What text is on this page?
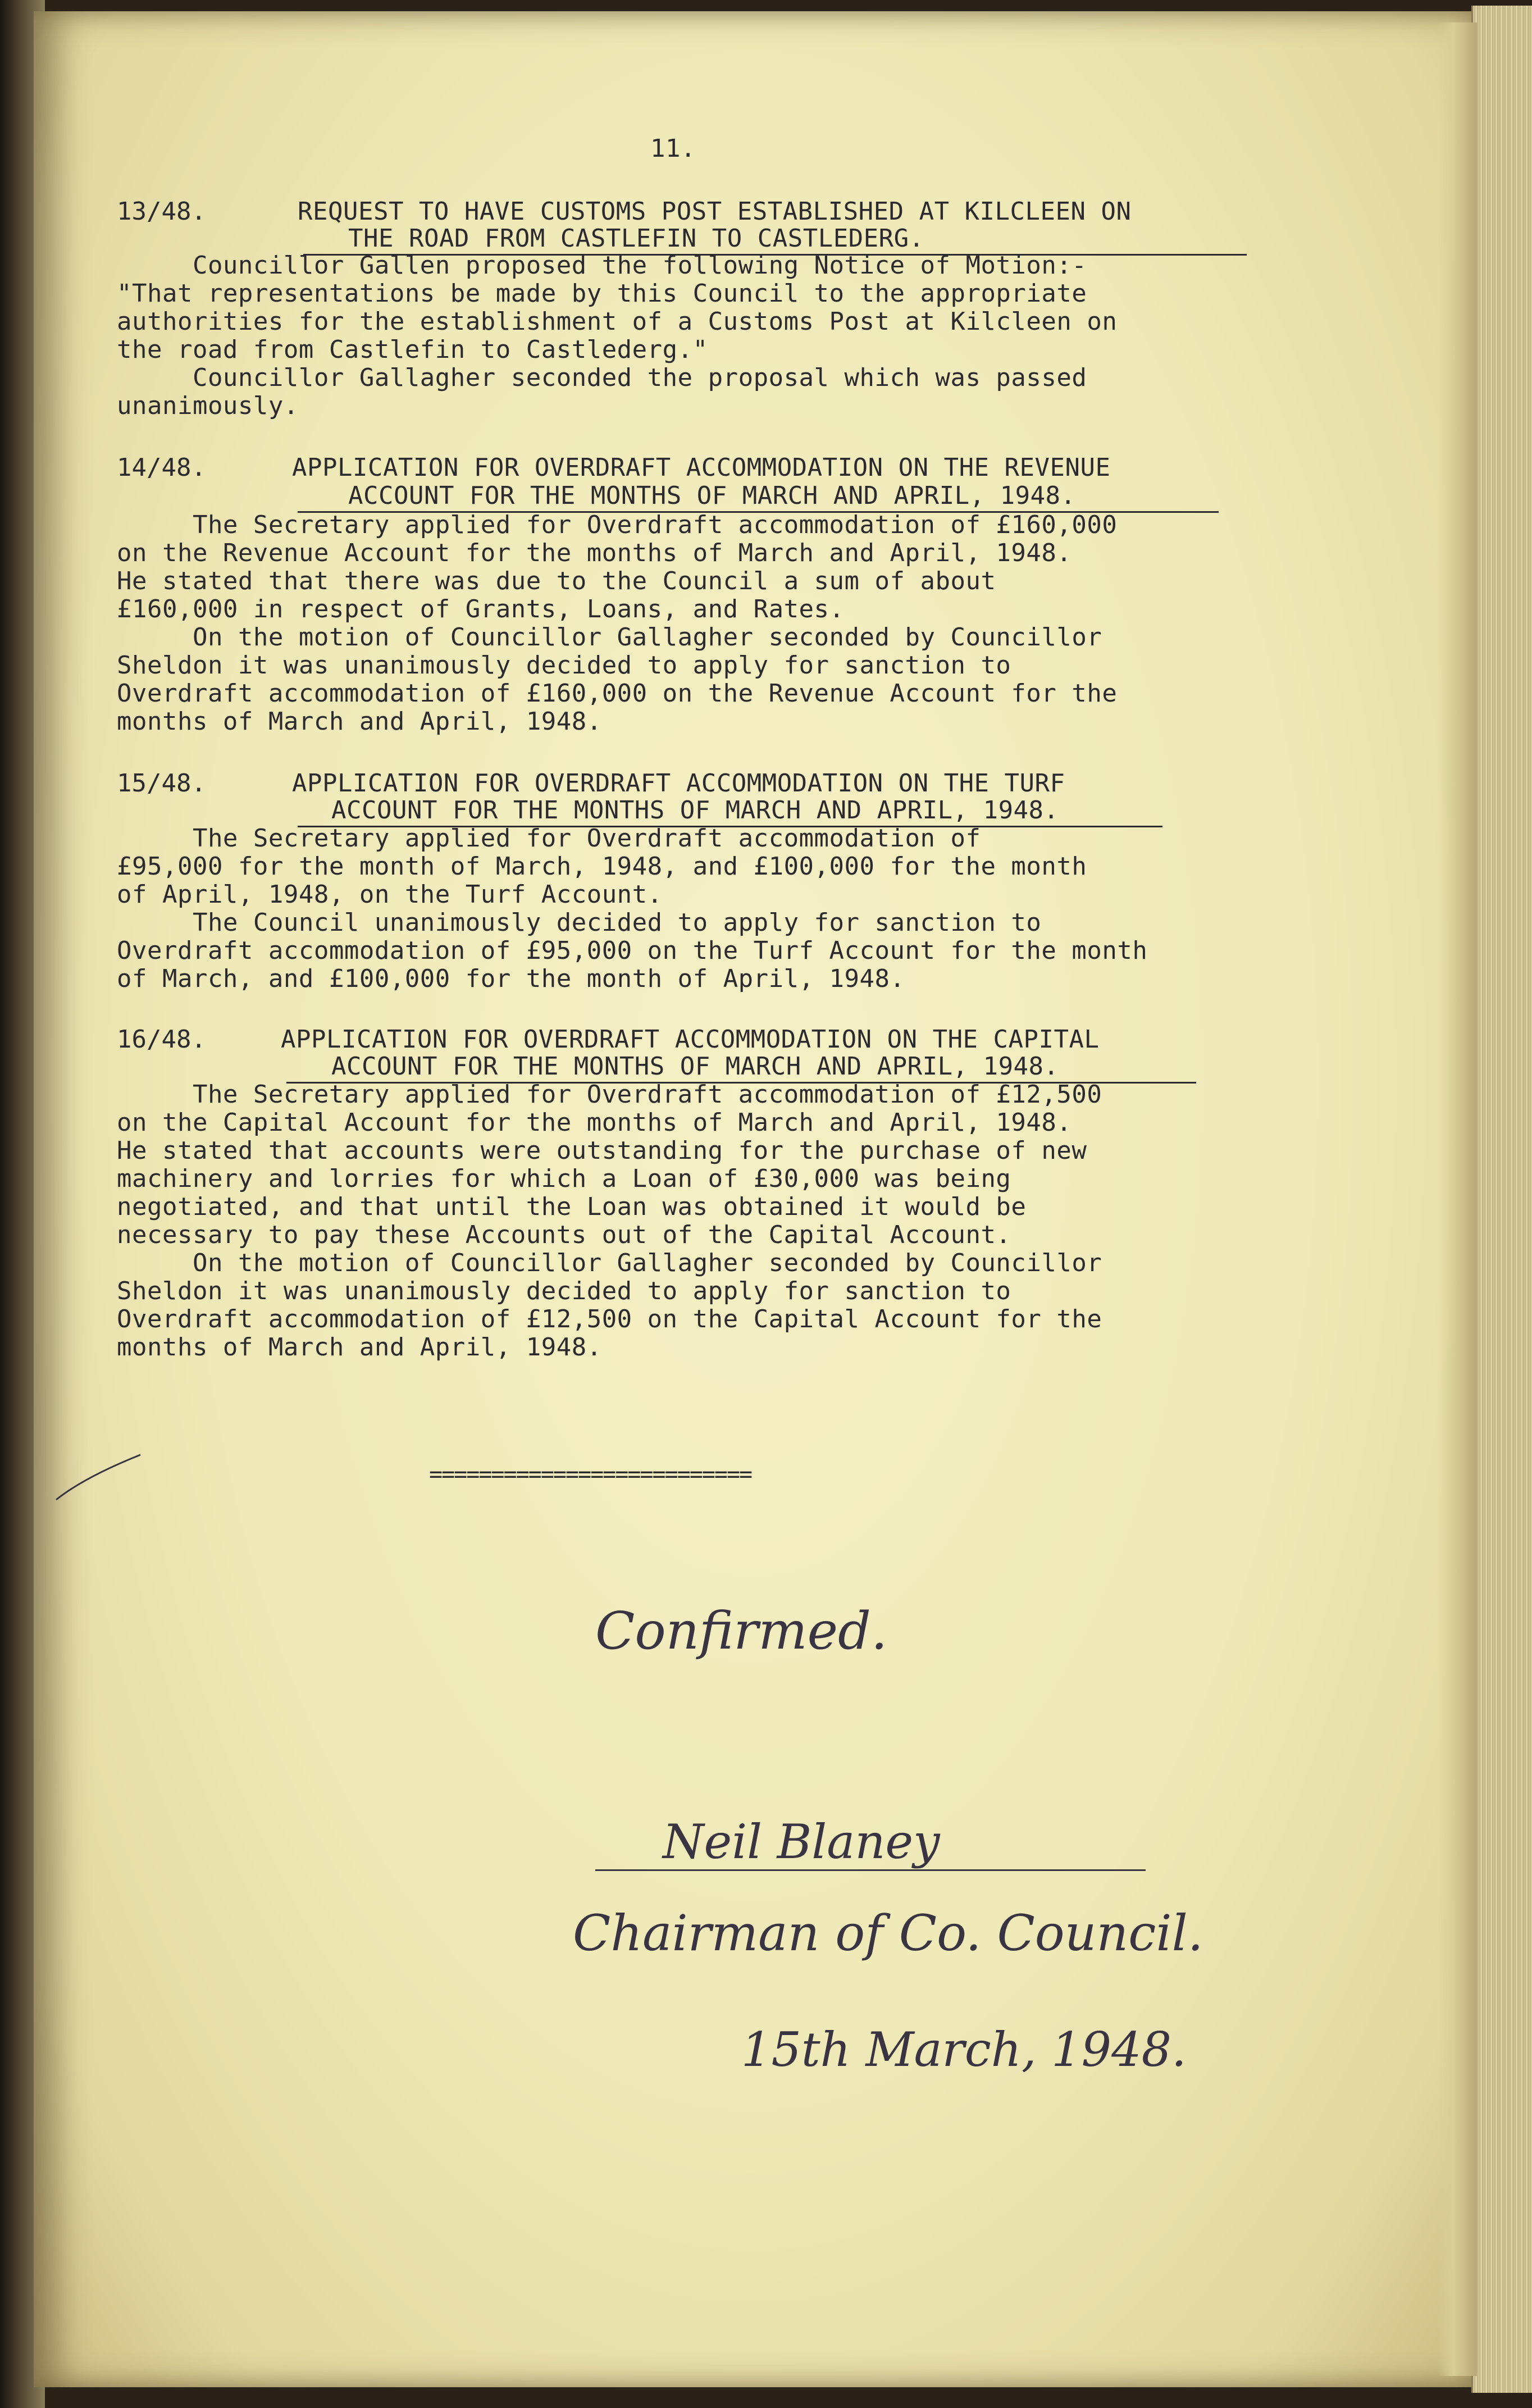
11.
13/48.	REQUEST TO HAVE CUSTOMS POST ESTABLISHED AT KILCLEEN ON
THE ROAD FROM CASTLEFIN TO CASTLEDERG.
Councillor Gallen proposed the following Notice of Motion:-
"That representations be made by this Council to the appropriate
authorities for the establishment of a Customs Post at Kilcleen on
the road from Castlefin to Castlederg."
Councillor Gallagher seconded the proposal which was passed
unanimously.
14/48.	APPLICATION FOR OVERDRAFT ACCOMMODATION ON THE REVENUE
ACCOUNT FOR THE MONTHS OF MARCH AND APRIL, 1948.
The Secretary applied for Overdraft accommodation of £160,000
on the Revenue Account for the months of March and April, 1948.
He stated that there was due to the Council a sum of about
£160,000 in respect of Grants, Loans, and Rates.
On the motion of Councillor Gallagher seconded by Councillor
Sheldon it was unanimously decided to apply for sanction to
Overdraft accommodation of £160,000 on the Revenue Account for the
months of March and April, 1948.
15/48.	APPLICATION FOR OVERDRAFT ACCOMMODATION ON THE TURF
ACCOUNT FOR THE MONTHS OF MARCH AND APRIL, 1948.
The Secretary applied for Overdraft accommodation of
£95,000 for the month of March, 1948, and £100,000 for the month
of April, 1948, on the Turf Account.
The Council unanimously decided to apply for sanction to
Overdraft accommodation of £95,000 on the Turf Account for the month
of March, and £100,000 for the month of April, 1948.
16/48.	APPLICATION FOR OVERDRAFT ACCOMMODATION ON THE CAPITAL
ACCOUNT FOR THE MONTHS OF MARCH AND APRIL, 1948.
The Secretary applied for Overdraft accommodation of £12,500
on the Capital Account for the months of March and April, 1948.
He stated that accounts were outstanding for the purchase of new
machinery and lorries for which a Loan of £30,000 was being
negotiated, and that until the Loan was obtained it would be
necessary to pay these Accounts out of the Capital Account.
On the motion of Councillor Gallagher seconded by Councillor
Sheldon it was unanimously decided to apply for sanction to
Overdraft accommodation of £12,500 on the Capital Account for the
months of March and April, 1948.
==========================
Confirmed.
Neil Blaney
Chairman of Co. Council.
15th March, 1948.
